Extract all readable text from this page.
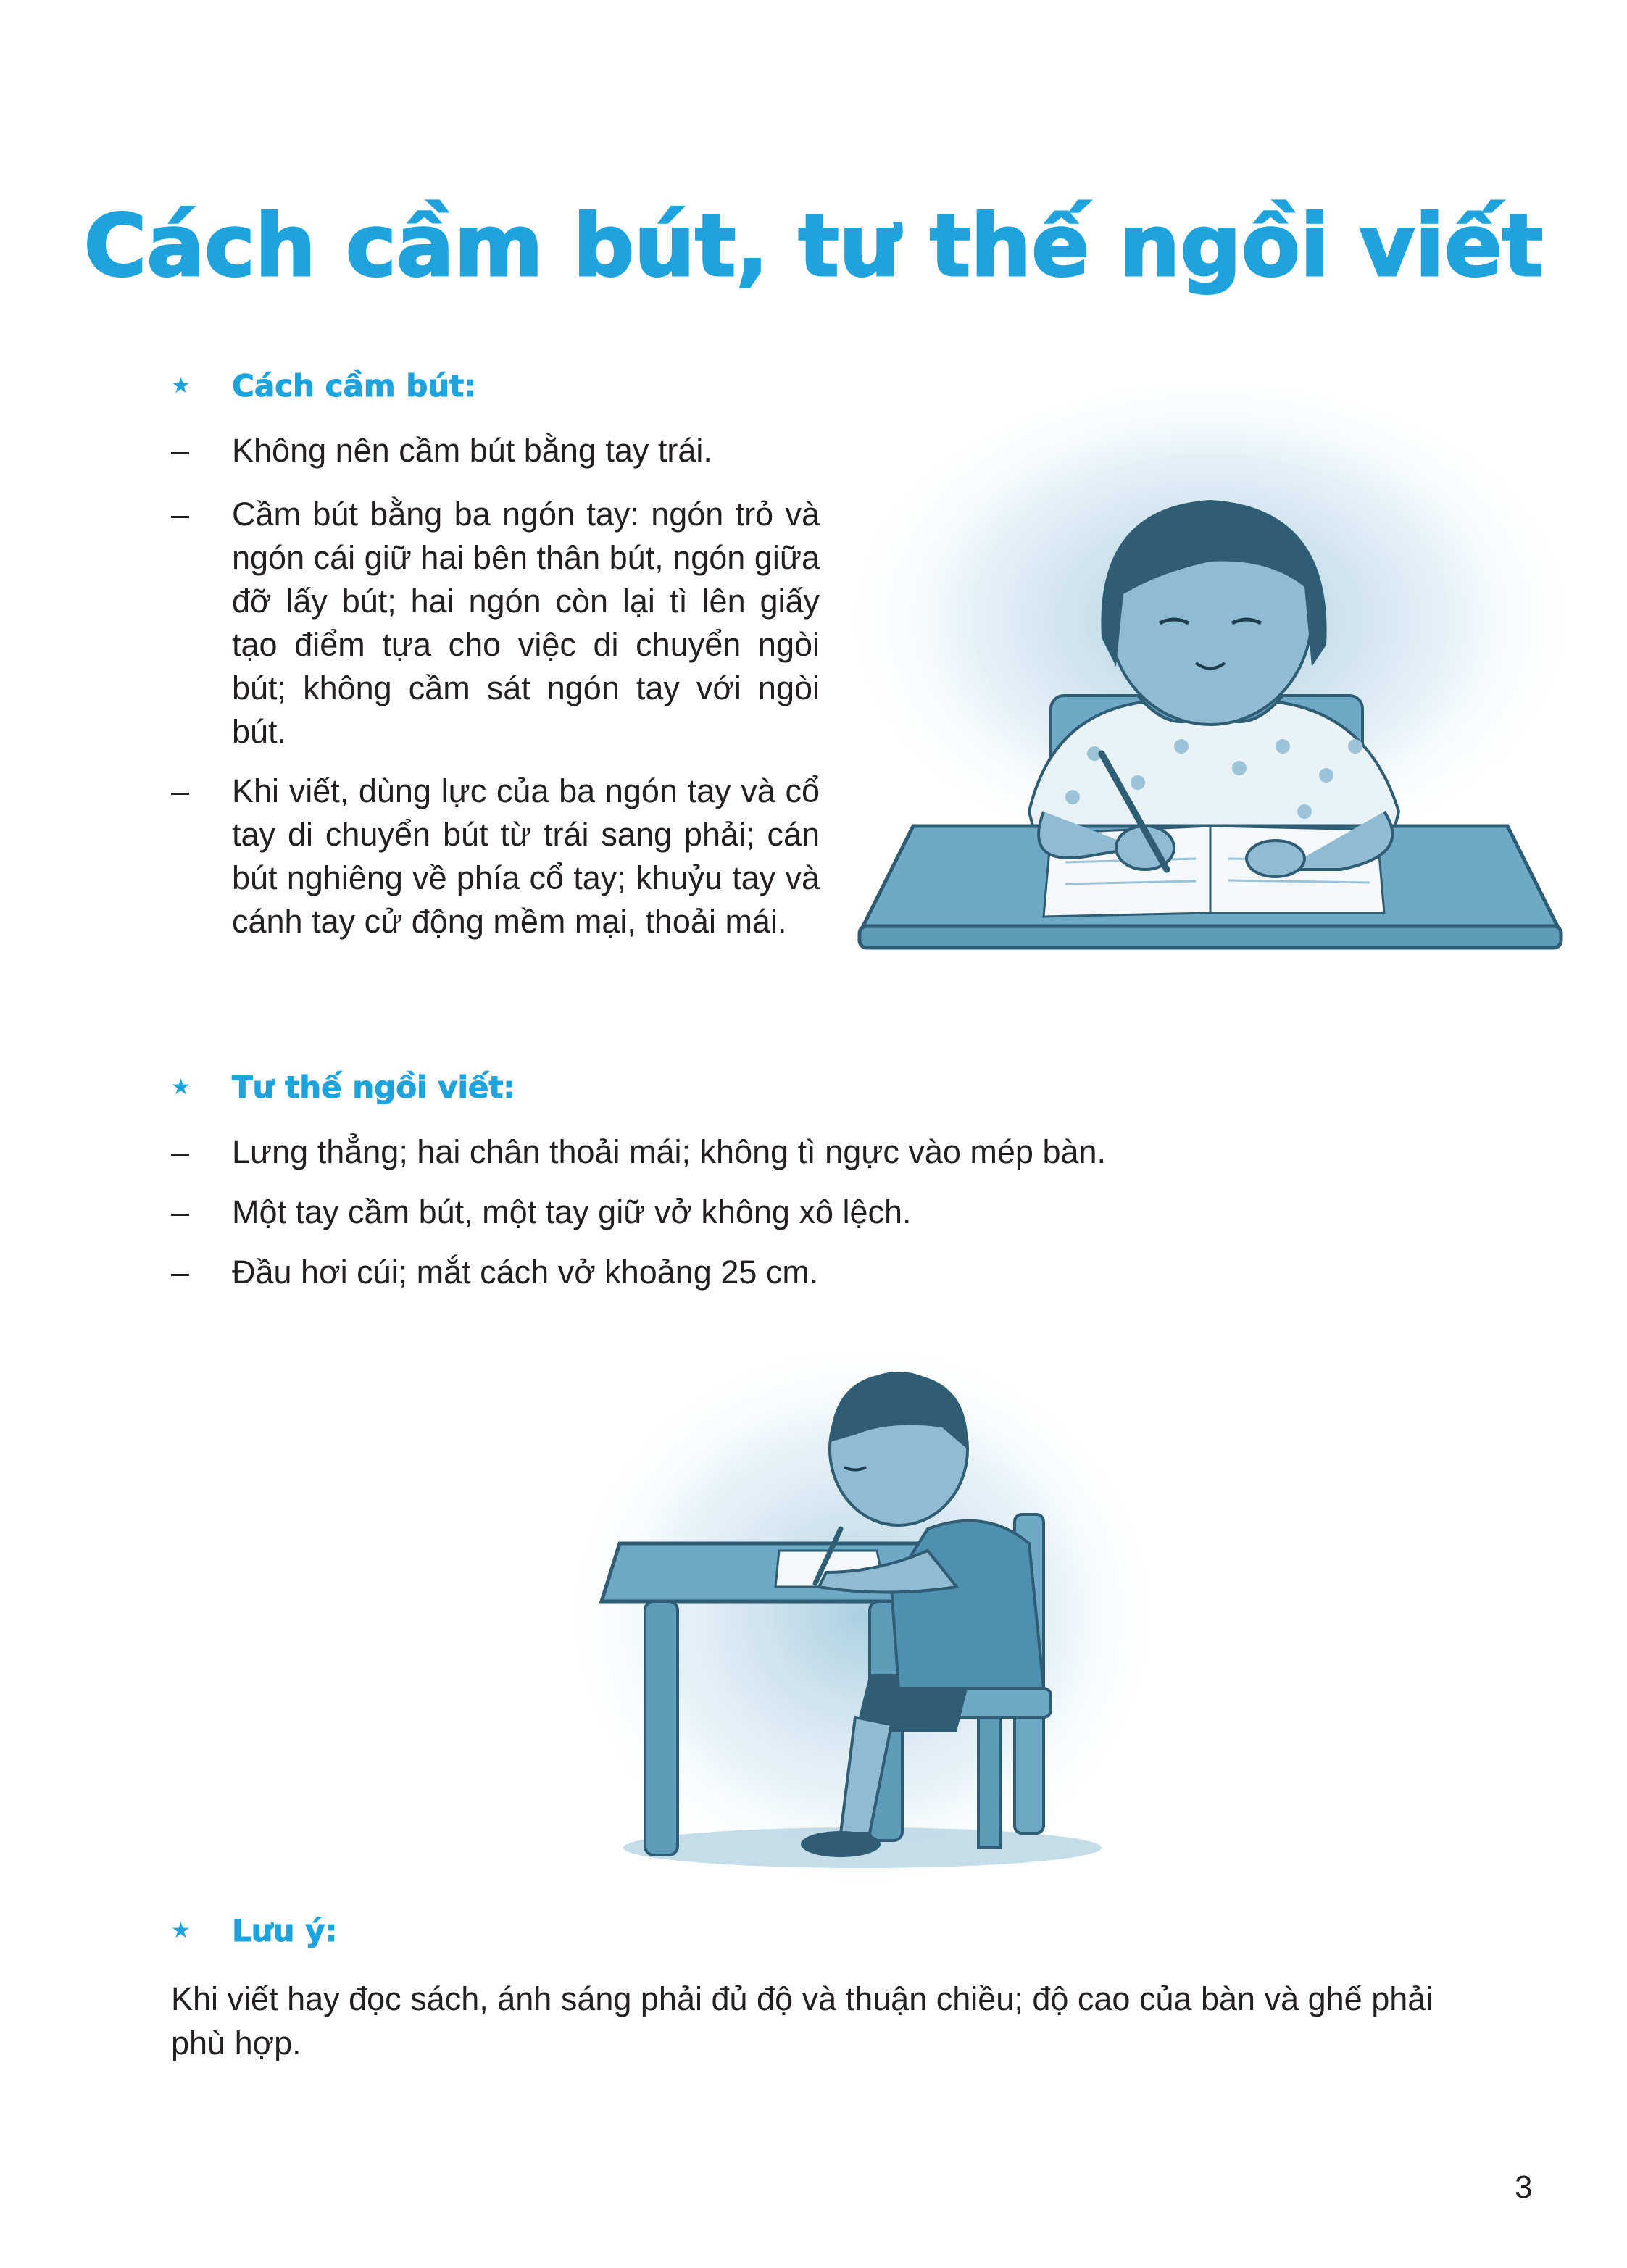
Cách cầm bút, tư thế ngồi viết
★	Cách cầm bút:
–	Không nên cầm bút bằng tay trái.
–	Cầm bút bằng ba ngón tay: ngón trỏ và ngón cái giữ hai bên thân bút, ngón giữa đỡ lấy bút; hai ngón còn lại tì lên giấy tạo điểm tựa cho việc di chuyển ngòi bút; không cầm sát ngón tay với ngòi bút.
–	Khi viết, dùng lực của ba ngón tay và cổ tay di chuyển bút từ trái sang phải; cán bút nghiêng về phía cổ tay; khuỷu tay và cánh tay cử động mềm mại, thoải mái.
★	Tư thế ngồi viết:
–	Lưng thẳng; hai chân thoải mái; không tì ngực vào mép bàn.
–	Một tay cầm bút, một tay giữ vở không xô lệch.
–	Đầu hơi cúi; mắt cách vở khoảng 25 cm.
★	Lưu ý:

Khi viết hay đọc sách, ánh sáng phải đủ độ và thuận chiều; độ cao của bàn và ghế phải phù hợp.

3
